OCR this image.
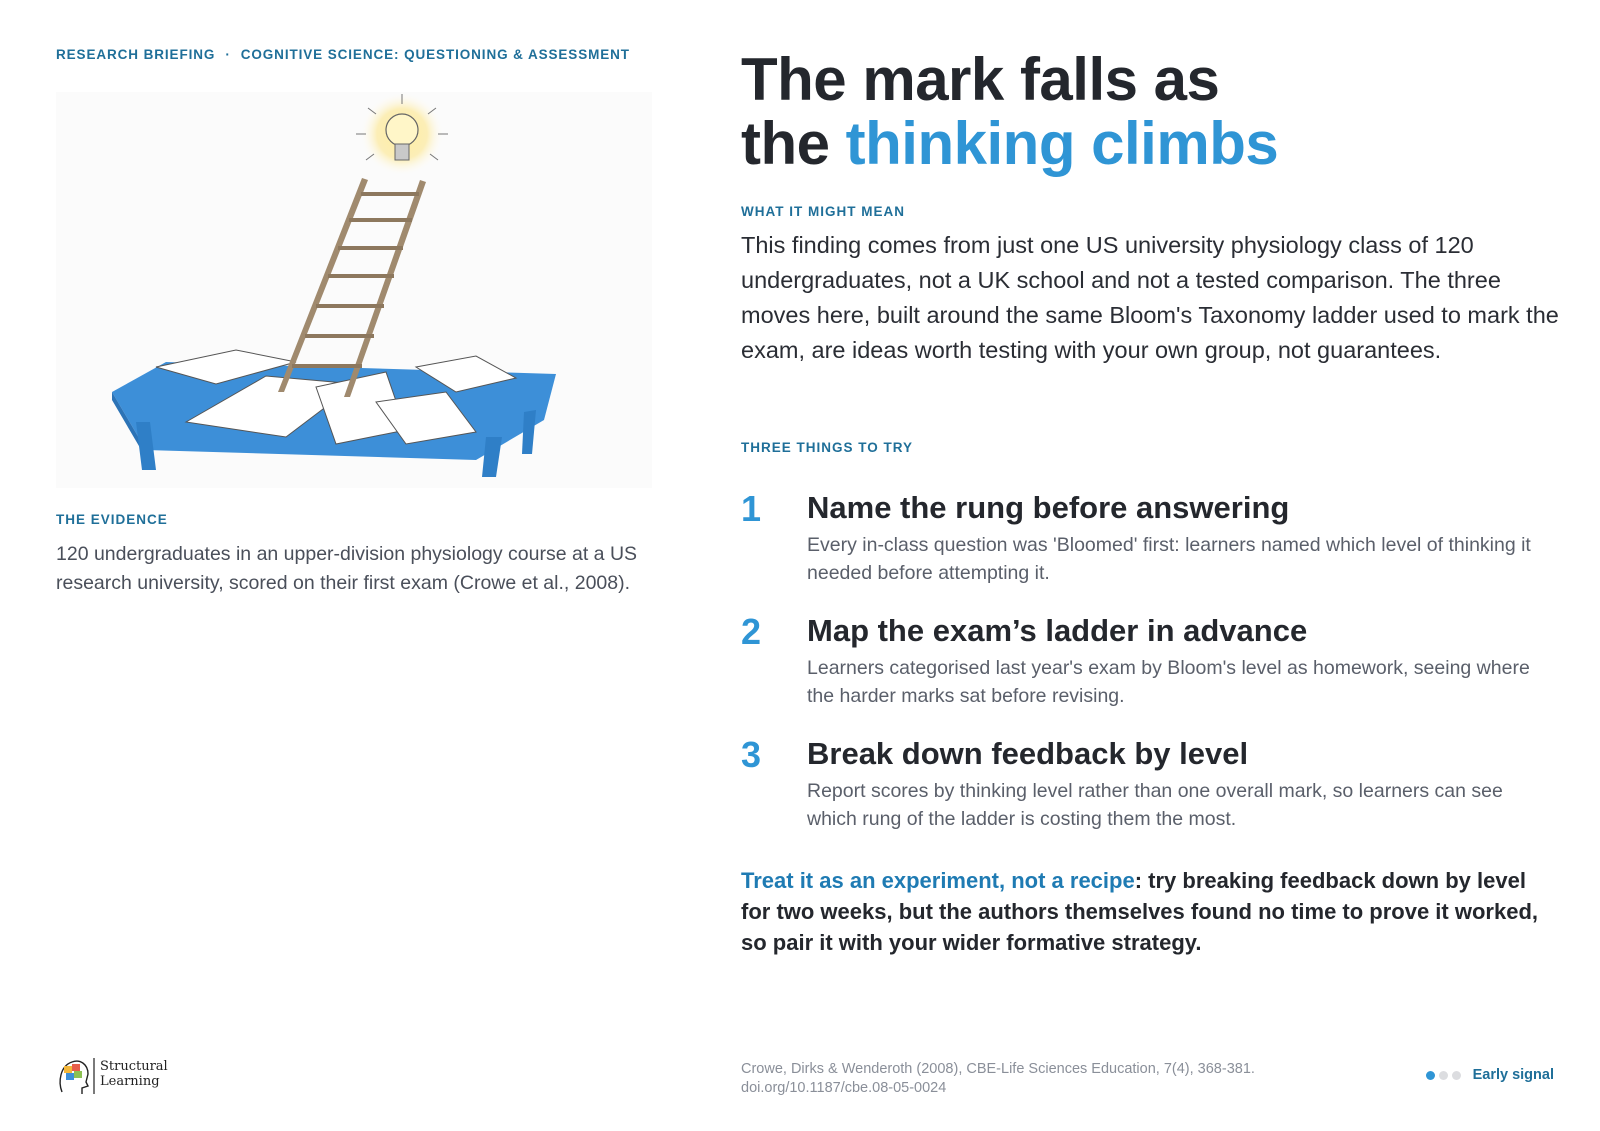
RESEARCH BRIEFING · COGNITIVE SCIENCE: QUESTIONING & ASSESSMENT
THE EVIDENCE
120 undergraduates in an upper-division physiology course at a US research university, scored on their first exam (Crowe et al., 2008).
The mark falls as
the thinking climbs
WHAT IT MIGHT MEAN

This finding comes from just one US university physiology class of 120 undergraduates, not a UK school and not a tested comparison. The three moves here, built around the same Bloom's Taxonomy ladder used to mark the exam, are ideas worth testing with your own group, not guarantees.

THREE THINGS TO TRY
1 Name the rung before answering

Every in-class question was 'Bloomed' first: learners named which level of thinking it needed before attempting it.

2 Map the exam’s ladder in advance

Learners categorised last year's exam by Bloom's level as homework, seeing where the harder marks sat before revising.

3 Break down feedback by level

Report scores by thinking level rather than one overall mark, so learners can see which rung of the ladder is costing them the most.

Treat it as an experiment, not a recipe: try breaking feedback down by level for two weeks, but the authors themselves found no time to prove it worked, so pair it with your wider formative strategy.

Structural
Learning
Crowe, Dirks & Wenderoth (2008), CBE-Life Sciences Education, 7(4), 368-381.
doi.org/10.1187/cbe.08-05-0024
Early signal
